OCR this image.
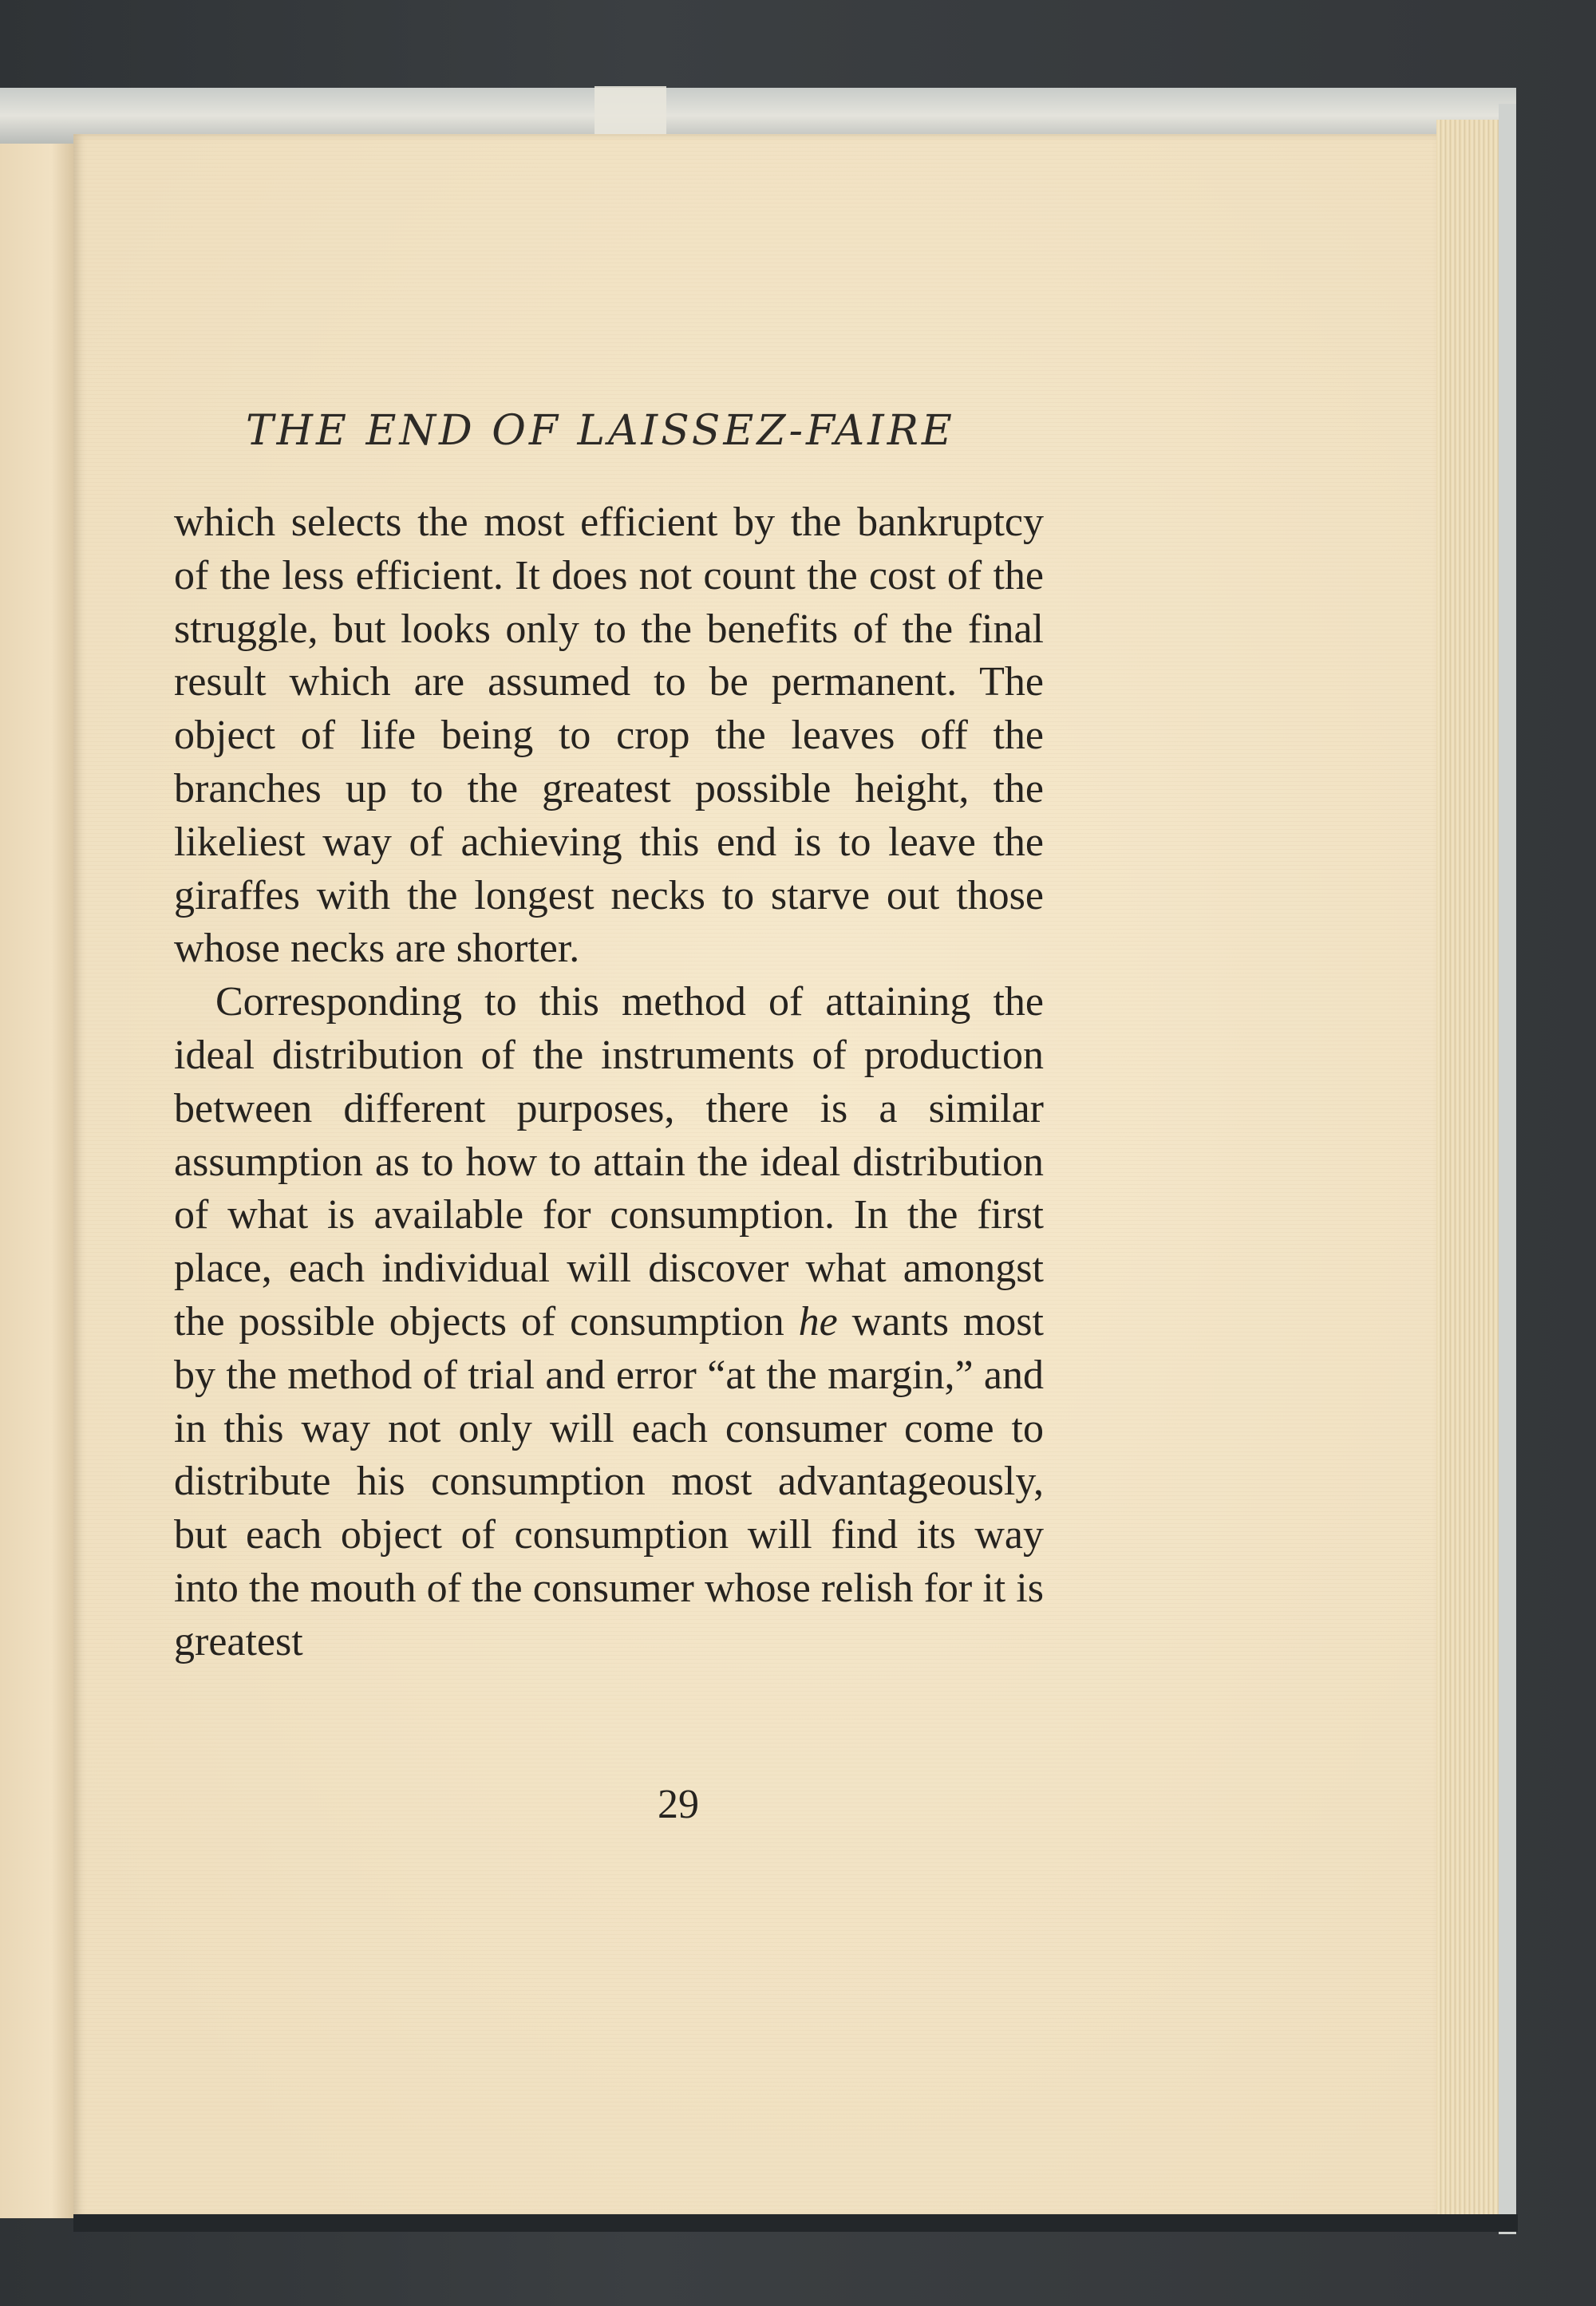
THE END OF LAISSEZ-FAIRE

which selects the most efficient by the bankruptcy of the less efficient. It does not count the cost of the struggle, but looks only to the benefits of the final result which are assumed to be permanent. The object of life being to crop the leaves off the branches up to the greatest possible height, the likeliest way of achieving this end is to leave the giraffes with the longest necks to starve out those whose necks are shorter.

Corresponding to this method of attaining the ideal distribution of the instruments of production between different purposes, there is a similar assumption as to how to attain the ideal distribution of what is available for consumption. In the first place, each individual will discover what amongst the possible objects of consumption he wants most by the method of trial and error “at the margin,” and in this way not only will each consumer come to distribute his consumption most advantageously, but each object of consumption will find its way into the mouth of the consumer whose relish for it is greatest

29
